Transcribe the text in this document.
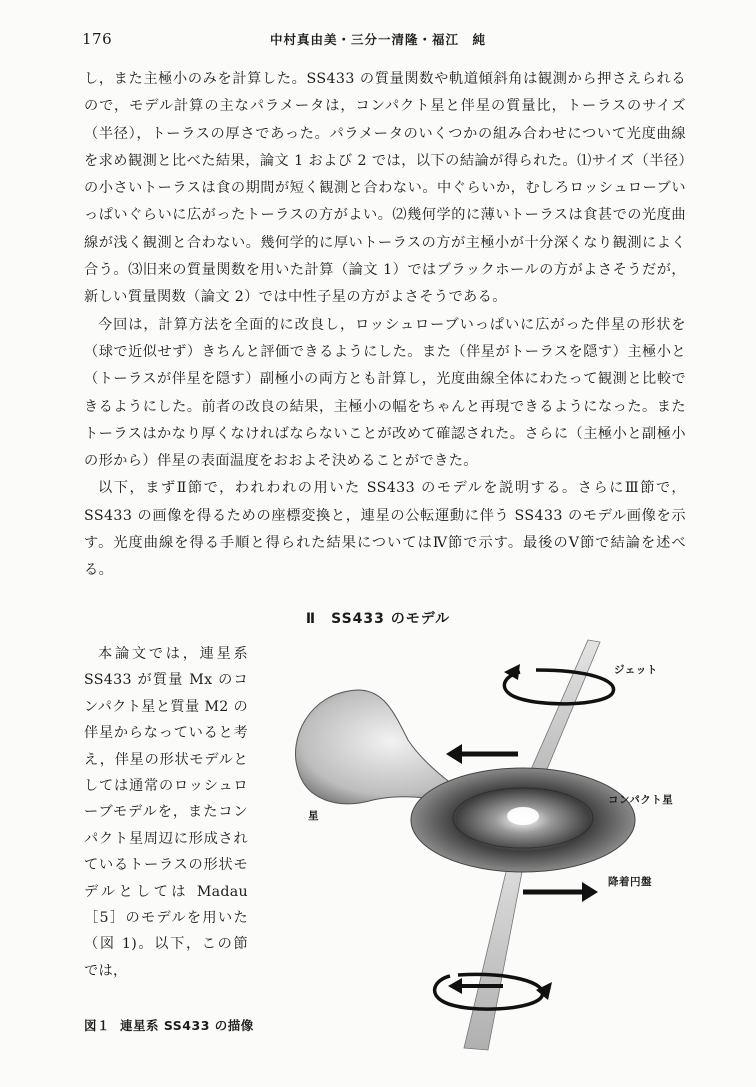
176	中村真由美・三分一清隆・福江　純

し，また主極小のみを計算した。SS433 の質量関数や軌道傾斜角は観測から押さえられるので，モデル計算の主なパラメータは，コンパクト星と伴星の質量比，トーラスのサイズ（半径），トーラスの厚さであった。パラメータのいくつかの組み合わせについて光度曲線を求め観測と比べた結果，論文 1 および 2 では，以下の結論が得られた。⑴サイズ（半径）の小さいトーラスは食の期間が短く観測と合わない。中ぐらいか，むしろロッシュローブいっぱいぐらいに広がったトーラスの方がよい。⑵幾何学的に薄いトーラスは食甚での光度曲線が浅く観測と合わない。幾何学的に厚いトーラスの方が主極小が十分深くなり観測によく合う。⑶旧来の質量関数を用いた計算（論文 1）ではブラックホールの方がよさそうだが，新しい質量関数（論文 2）では中性子星の方がよさそうである。

今回は，計算方法を全面的に改良し，ロッシュローブいっぱいに広がった伴星の形状を（球で近似せず）きちんと評価できるようにした。また（伴星がトーラスを隠す）主極小と（トーラスが伴星を隠す）副極小の両方とも計算し，光度曲線全体にわたって観測と比較できるようにした。前者の改良の結果，主極小の幅をちゃんと再現できるようになった。またトーラスはかなり厚くなければならないことが改めて確認された。さらに（主極小と副極小の形から）伴星の表面温度をおおよそ決めることができた。

以下，まずⅡ節で，われわれの用いた SS433 のモデルを説明する。さらにⅢ節で，SS433 の画像を得るための座標変換と，連星の公転運動に伴う SS433 のモデル画像を示す。光度曲線を得る手順と得られた結果についてはⅣ節で示す。最後のⅤ節で結論を述べる。

Ⅱ　SS433 のモデル

本論文では，連星系 SS433 が質量 Mx のコンパクト星と質量 M2 の伴星からなっていると考え，伴星の形状モデルとしては通常のロッシュローブモデルを，またコンパクト星周辺に形成されているトーラスの形状モデルとしては Madau ［5］のモデルを用いた（図 1)。以下，この節では，

ジェット
星
コンパクト星
降着円盤
図１ 連星系 SS433 の描像
